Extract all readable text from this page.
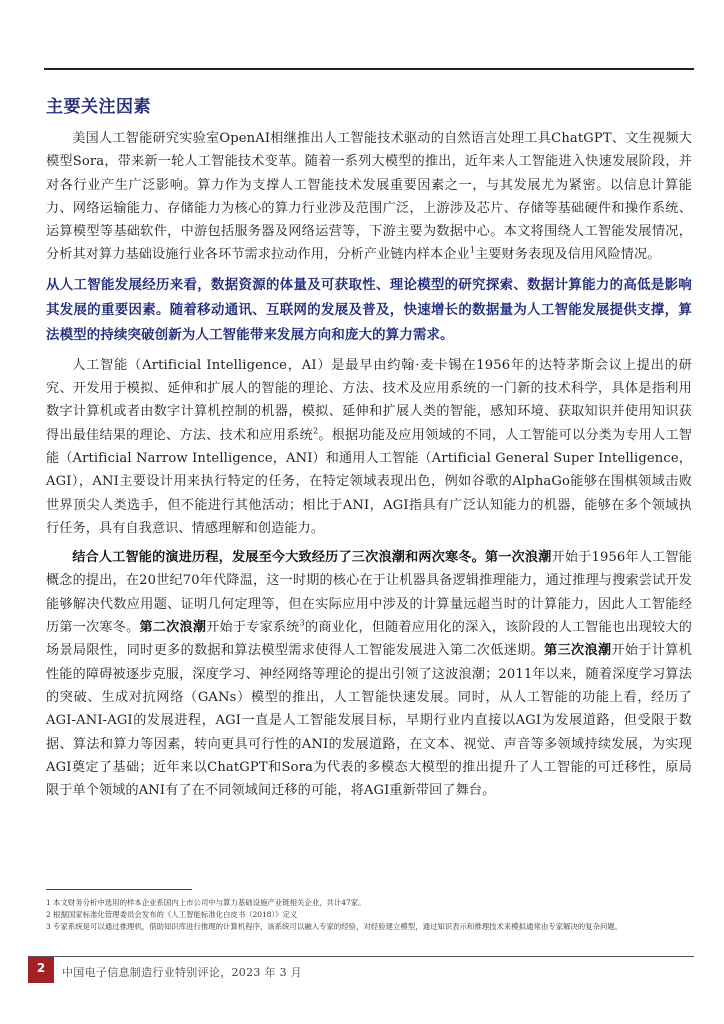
主要关注因素

美国人工智能研究实验室OpenAI相继推出人工智能技术驱动的自然语言处理工具ChatGPT、文生视频大模型Sora，带来新一轮人工智能技术变革。随着一系列大模型的推出，近年来人工智能进入快速发展阶段，并对各行业产生广泛影响。算力作为支撑人工智能技术发展重要因素之一，与其发展尤为紧密。以信息计算能力、网络运输能力、存储能力为核心的算力行业涉及范围广泛，上游涉及芯片、存储等基础硬件和操作系统、运算模型等基础软件，中游包括服务器及网络运营等，下游主要为数据中心。本文将围绕人工智能发展情况，分析其对算力基础设施行业各环节需求拉动作用，分析产业链内样本企业$^1$主要财务表现及信用风险情况。

从人工智能发展经历来看，数据资源的体量及可获取性、理论模型的研究探索、数据计算能力的高低是影响其发展的重要因素。随着移动通讯、互联网的发展及普及，快速增长的数据量为人工智能发展提供支撑，算法模型的持续突破创新为人工智能带来发展方向和庞大的算力需求。

人工智能（Artificial Intelligence，AI）是最早由约翰·麦卡锡在1956年的达特茅斯会议上提出的研究、开发用于模拟、延伸和扩展人的智能的理论、方法、技术及应用系统的一门新的技术科学，具体是指利用数字计算机或者由数字计算机控制的机器，模拟、延伸和扩展人类的智能，感知环境、获取知识并使用知识获得出最佳结果的理论、方法、技术和应用系统$^2$。根据功能及应用领域的不同，人工智能可以分类为专用人工智能（Artificial Narrow Intelligence，ANI）和通用人工智能（Artificial General Super Intelligence，AGI），ANI主要设计用来执行特定的任务，在特定领域表现出色，例如谷歌的AlphaGo能够在围棋领域击败世界顶尖人类选手，但不能进行其他活动；相比于ANI，AGI指具有广泛认知能力的机器，能够在多个领域执行任务，具有自我意识、情感理解和创造能力。

结合人工智能的演进历程，发展至今大致经历了三次浪潮和两次寒冬。第一次浪潮开始于1956年人工智能概念的提出，在20世纪70年代降温，这一时期的核心在于让机器具备逻辑推理能力，通过推理与搜索尝试开发能够解决代数应用题、证明几何定理等，但在实际应用中涉及的计算量远超当时的计算能力，因此人工智能经历第一次寒冬。第二次浪潮开始于专家系统$^3$的商业化，但随着应用化的深入，该阶段的人工智能也出现较大的场景局限性，同时更多的数据和算法模型需求使得人工智能发展进入第二次低迷期。第三次浪潮开始于计算机性能的障碍被逐步克服，深度学习、神经网络等理论的提出引领了这波浪潮；2011年以来，随着深度学习算法的突破、生成对抗网络（GANs）模型的推出，人工智能快速发展。同时，从人工智能的功能上看，经历了AGI-ANI-AGI的发展进程，AGI一直是人工智能发展目标，早期行业内直接以AGI为发展道路，但受限于数据、算法和算力等因素，转向更具可行性的ANI的发展道路，在文本、视觉、声音等多领域持续发展，为实现AGI奠定了基础；近年来以ChatGPT和Sora为代表的多模态大模型的推出提升了人工智能的可迁移性，原局限于单个领域的ANI有了在不同领域间迁移的可能，将AGI重新带回了舞台。

1 本文财务分析中选用的样本企业系国内上市公司中与算力基础设施产业链相关企业，共计47家。
2 根据国家标准化管理委员会发布的《人工智能标准化白皮书（2018）》定义
3 专家系统是可以通过推理机，借助知识库进行推理的计算机程序，该系统可以融入专家的经验，对经验建立模型，通过知识表示和推理技术来模拟通常由专家解决的复杂问题。
2	中国电子信息制造行业特别评论，2023 年 3 月
